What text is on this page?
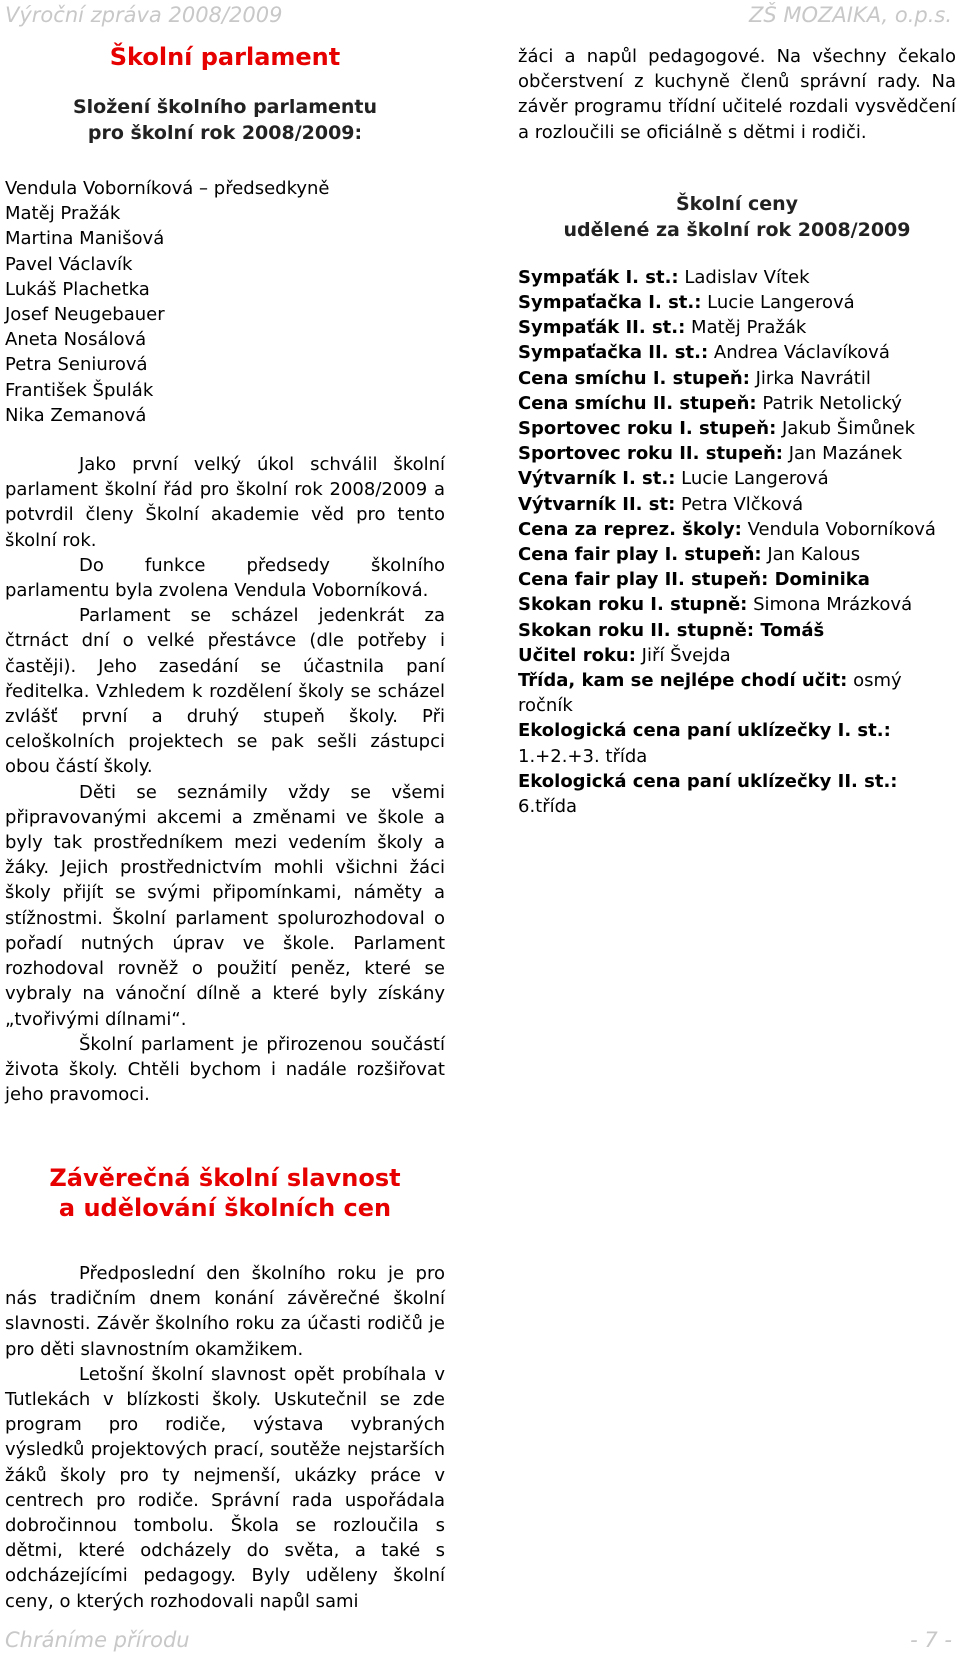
Výroční zpráva 2008/2009	ZŠ MOZAIKA, o.p.s.
Školní parlament
Složení školního parlamentu
pro školní rok 2008/2009:
Vendula Voborníková – předsedkyně
Matěj Pražák
Martina Manišová
Pavel Václavík
Lukáš Plachetka
Josef Neugebauer
Aneta Nosálová
Petra Seniurová
František Špulák
Nika Zemanová

Jako první velký úkol schválil školní parlament školní řád pro školní rok 2008/2009 a potvrdil členy Školní akademie věd pro tento školní rok.

Do funkce předsedy školního parlamentu byla zvolena Vendula Voborníková.

Parlament se scházel jedenkrát za čtrnáct dní o velké přestávce (dle potřeby i častěji). Jeho zasedání se účastnila paní ředitelka. Vzhledem k rozdělení školy se scházel zvlášť první a druhý stupeň školy. Při celoškolních projektech se pak sešli zástupci obou částí školy.

Děti se seznámily vždy se všemi připravovanými akcemi a změnami ve škole a byly tak prostředníkem mezi vedením školy a žáky. Jejich prostřednictvím mohli všichni žáci školy přijít se svými připomínkami, náměty a stížnostmi. Školní parlament spolurozhodoval o pořadí nutných úprav ve škole. Parlament rozhodoval rovněž o použití peněz, které se vybraly na vánoční dílně a které byly získány „tvořivými dílnami“.

Školní parlament je přirozenou součástí života školy. Chtěli bychom i nadále rozšiřovat jeho pravomoci.

Závěrečná školní slavnost
a udělování školních cen

Předposlední den školního roku je pro nás tradičním dnem konání závěrečné školní slavnosti. Závěr školního roku za účasti rodičů je pro děti slavnostním okamžikem.

Letošní školní slavnost opět probíhala v Tutlekách v blízkosti školy. Uskutečnil se zde program pro rodiče, výstava vybraných výsledků projektových prací, soutěže nejstarších žáků školy pro ty nejmenší, ukázky práce v centrech pro rodiče. Správní rada uspořádala dobročinnou tombolu. Škola se rozloučila s dětmi, které odcházely do světa, a také s odcházejícími pedagogy. Byly uděleny školní ceny, o kterých rozhodovali napůl sami

žáci a napůl pedagogové. Na všechny čekalo občerstvení z kuchyně členů správní rady. Na závěr programu třídní učitelé rozdali vysvědčení a rozloučili se oficiálně s dětmi i rodiči.

Školní ceny
udělené za školní rok 2008/2009
Sympaťák I. st.: Ladislav Vítek
Sympaťačka I. st.: Lucie Langerová
Sympaťák II. st.: Matěj Pražák
Sympaťačka II. st.: Andrea Václavíková
Cena smíchu I. stupeň: Jirka Navrátil
Cena smíchu II. stupeň: Patrik Netolický
Sportovec roku I. stupeň: Jakub Šimůnek
Sportovec roku II. stupeň: Jan Mazánek
Výtvarník I. st.: Lucie Langerová
Výtvarník II. st: Petra Vlčková
Cena za reprez. školy: Vendula Voborníková
Cena fair play I. stupeň: Jan Kalous
Cena fair play II. stupeň: Dominika
Skokan roku I. stupně: Simona Mrázková
Skokan roku II. stupně: Tomáš
Učitel roku: Jiří Švejda
Třída, kam se nejlépe chodí učit: osmý ročník
Ekologická cena paní uklízečky I. st.: 1.+2.+3. třída
Ekologická cena paní uklízečky II. st.: 6.třída
Chráníme přírodu	- 7 -
